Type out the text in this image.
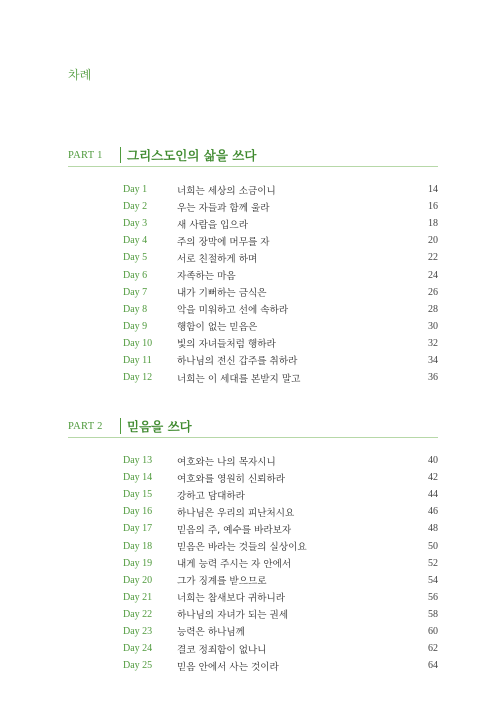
차례
PART 1	그리스도인의 삶을 쓰다
Day 1	너희는 세상의 소금이니	14
Day 2	우는 자들과 함께 울라	16
Day 3	새 사람을 입으라	18
Day 4	주의 장막에 머무를 자	20
Day 5	서로 친절하게 하며	22
Day 6	자족하는 마음	24
Day 7	내가 기뻐하는 금식은	26
Day 8	악을 미워하고 선에 속하라	28
Day 9	행함이 없는 믿음은	30
Day 10	빛의 자녀들처럼 행하라	32
Day 11	하나님의 전신 갑주를 취하라	34
Day 12	너희는 이 세대를 본받지 말고	36
PART 2	믿음을 쓰다
Day 13	여호와는 나의 목자시니	40
Day 14	여호와를 영원히 신뢰하라	42
Day 15	강하고 담대하라	44
Day 16	하나님은 우리의 피난처시요	46
Day 17	믿음의 주, 예수를 바라보자	48
Day 18	믿음은 바라는 것들의 실상이요	50
Day 19	내게 능력 주시는 자 안에서	52
Day 20	그가 징계를 받으므로	54
Day 21	너희는 참새보다 귀하니라	56
Day 22	하나님의 자녀가 되는 권세	58
Day 23	능력은 하나님께	60
Day 24	결코 정죄함이 없나니	62
Day 25	믿음 안에서 사는 것이라	64
